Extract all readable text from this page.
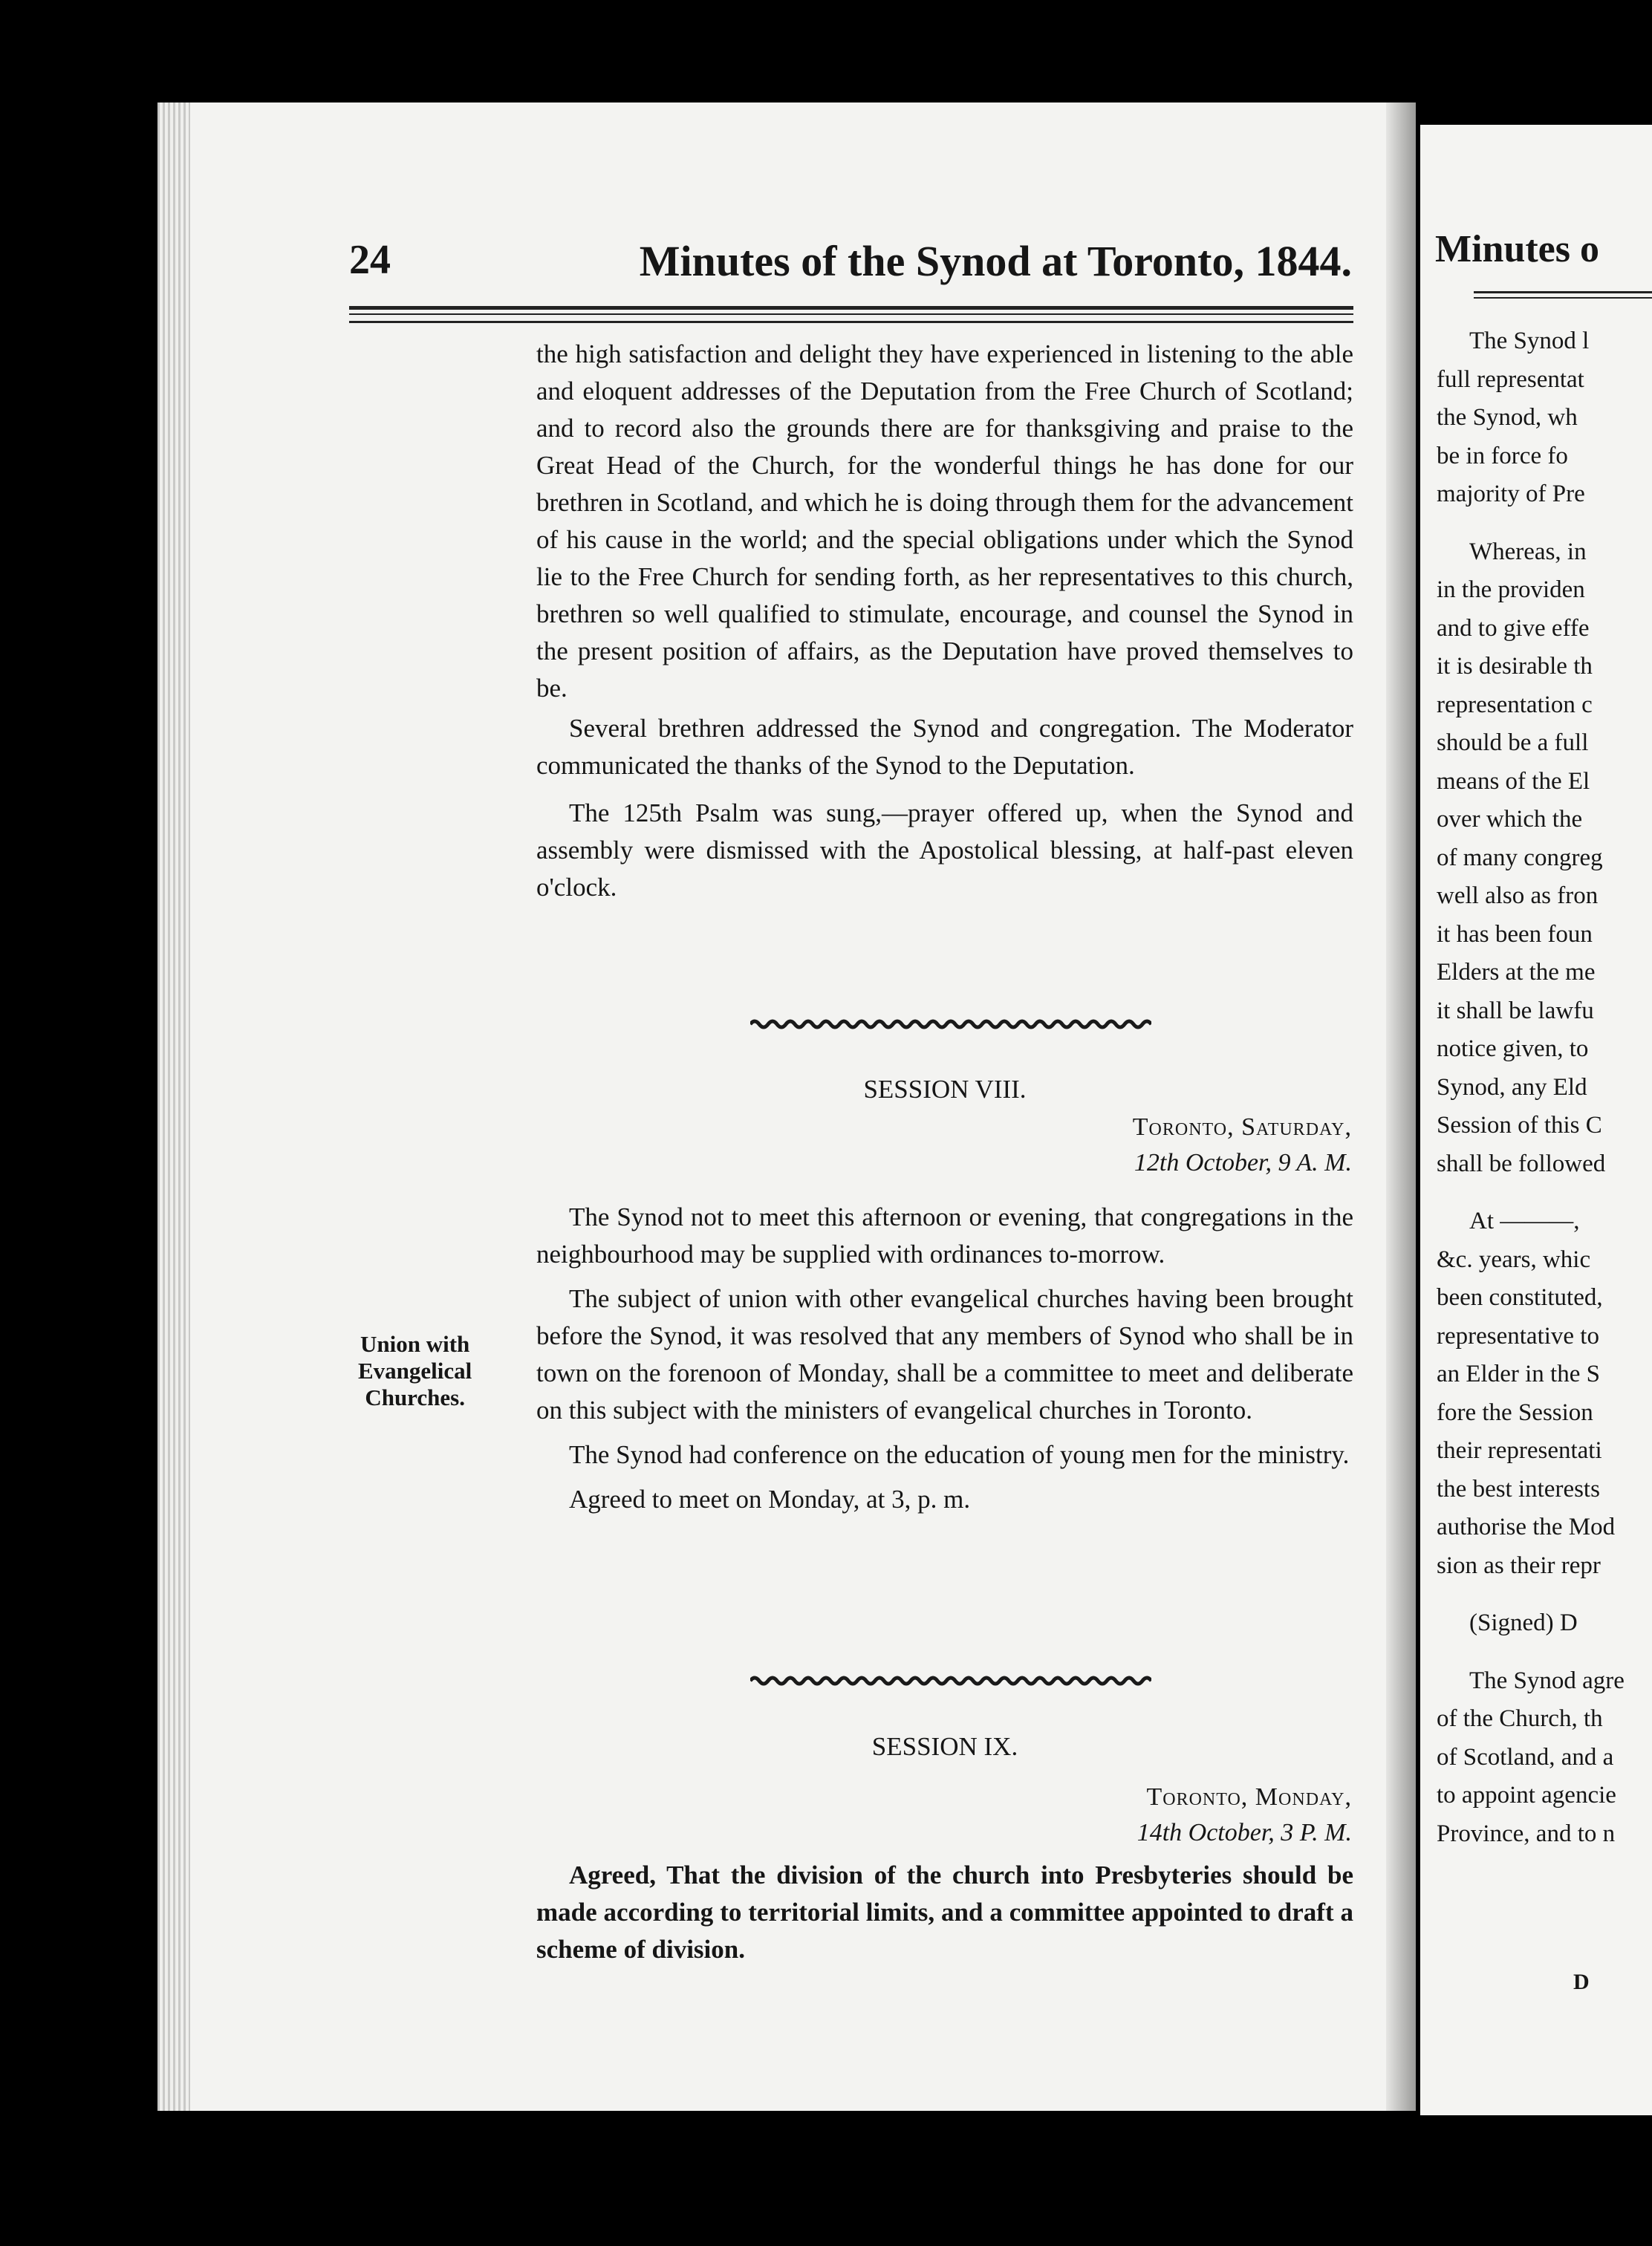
24	Minutes of the Synod at Toronto, 1844.

the high satisfaction and delight they have experienced in listening to the able and eloquent addresses of the Deputation from the Free Church of Scotland; and to record also the grounds there are for thanksgiving and praise to the Great Head of the Church, for the wonderful things he has done for our brethren in Scotland, and which he is doing through them for the advancement of his cause in the world; and the special obligations under which the Synod lie to the Free Church for sending forth, as her representatives to this church, brethren so well qualified to stimulate, encourage, and counsel the Synod in the present position of affairs, as the Deputation have proved themselves to be.

Several brethren addressed the Synod and congregation. The Moderator communicated the thanks of the Synod to the Deputation.

The 125th Psalm was sung,—prayer offered up, when the Synod and assembly were dismissed with the Apostolical blessing, at half-past eleven o'clock.

SESSION VIII.
Toronto, Saturday,
12th October, 9 A. M.

The Synod not to meet this afternoon or evening, that congregations in the neighbourhood may be supplied with ordinances to-morrow.

The subject of union with other evangelical churches having been brought before the Synod, it was resolved that any members of Synod who shall be in town on the forenoon of Monday, shall be a committee to meet and deliberate on this subject with the ministers of evangelical churches in Toronto.

The Synod had conference on the education of young men for the ministry.

Agreed to meet on Monday, at 3, p. m.

Union with
Evangelical
Churches.
SESSION IX.
Toronto, Monday,
14th October, 3 P. M.

Agreed, That the division of the church into Presbyteries should be made according to territorial limits, and a committee appointed to draft a scheme of division.

Minutes o
The Synod l
full representat
the Synod, wh
be in force fo
majority of Pre
Whereas, in
in the providen
and to give effe
it is desirable th
representation c
should be a full
means of the El
over which the
of many congreg
well also as fron
it has been foun
Elders at the me
it shall be lawfu
notice given, to
Synod, any Eld
Session of this C
shall be followed
At ———,
&c. years, whic
been constituted,
representative to
an Elder in the S
fore the Session
their representati
the best interests
authorise the Mod
sion as their repr
(Signed) D
The Synod agre
of the Church, th
of Scotland, and a
to appoint agencie
Province, and to n
D
